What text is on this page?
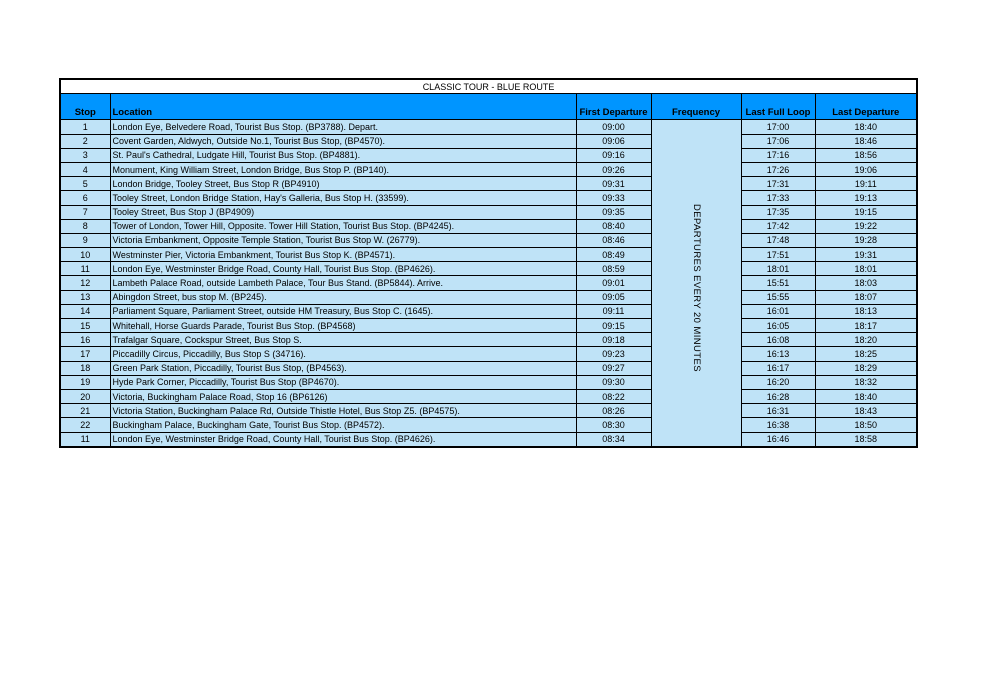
CLASSIC TOUR - BLUE ROUTE					
Stop	Location	First Departure	Frequency	Last Full Loop	Last Departure
1	London Eye, Belvedere Road, Tourist Bus Stop. (BP3788). Depart.	09:00	DEPARTURES EVERY 20 MINUTES	17:00	18:40
2	Covent Garden, Aldwych, Outside No.1, Tourist Bus Stop, (BP4570).	09:06		17:06	18:46
3	St. Paul's Cathedral, Ludgate Hill, Tourist Bus Stop. (BP4881).	09:16		17:16	18:56
4	Monument, King William Street, London Bridge, Bus Stop P. (BP140).	09:26		17:26	19:06
5	London Bridge, Tooley Street, Bus Stop R (BP4910)	09:31		17:31	19:11
6	Tooley Street, London Bridge Station, Hay's Galleria, Bus Stop H. (33599).	09:33		17:33	19:13
7	Tooley Street, Bus Stop J (BP4909)	09:35		17:35	19:15
8	Tower of London, Tower Hill, Opposite. Tower Hill Station, Tourist Bus Stop. (BP4245).	08:40		17:42	19:22
9	Victoria Embankment, Opposite Temple Station, Tourist Bus Stop W. (26779).	08:46		17:48	19:28
10	Westminster Pier, Victoria Embankment, Tourist Bus Stop K. (BP4571).	08:49		17:51	19:31
11	London Eye, Westminster Bridge Road, County Hall, Tourist Bus Stop. (BP4626).	08:59		18:01	18:01
12	Lambeth Palace Road, outside Lambeth Palace, Tour Bus Stand. (BP5844). Arrive.	09:01		15:51	18:03
13	Abingdon Street, bus stop M. (BP245).	09:05		15:55	18:07
14	Parliament Square, Parliament Street, outside HM Treasury, Bus Stop C. (1645).	09:11		16:01	18:13
15	Whitehall, Horse Guards Parade, Tourist Bus Stop. (BP4568)	09:15		16:05	18:17
16	Trafalgar Square, Cockspur Street, Bus Stop S.	09:18		16:08	18:20
17	Piccadilly Circus, Piccadilly, Bus Stop S (34716).	09:23		16:13	18:25
18	Green Park Station, Piccadilly, Tourist Bus Stop, (BP4563).	09:27		16:17	18:29
19	Hyde Park Corner, Piccadilly, Tourist Bus Stop (BP4670).	09:30		16:20	18:32
20	Victoria, Buckingham Palace Road, Stop 16 (BP6126)	08:22		16:28	18:40
21	Victoria Station, Buckingham Palace Rd, Outside Thistle Hotel, Bus Stop Z5. (BP4575).	08:26		16:31	18:43
22	Buckingham Palace, Buckingham Gate, Tourist Bus Stop. (BP4572).	08:30		16:38	18:50
11	London Eye, Westminster Bridge Road, County Hall, Tourist Bus Stop. (BP4626).	08:34		16:46	18:58
